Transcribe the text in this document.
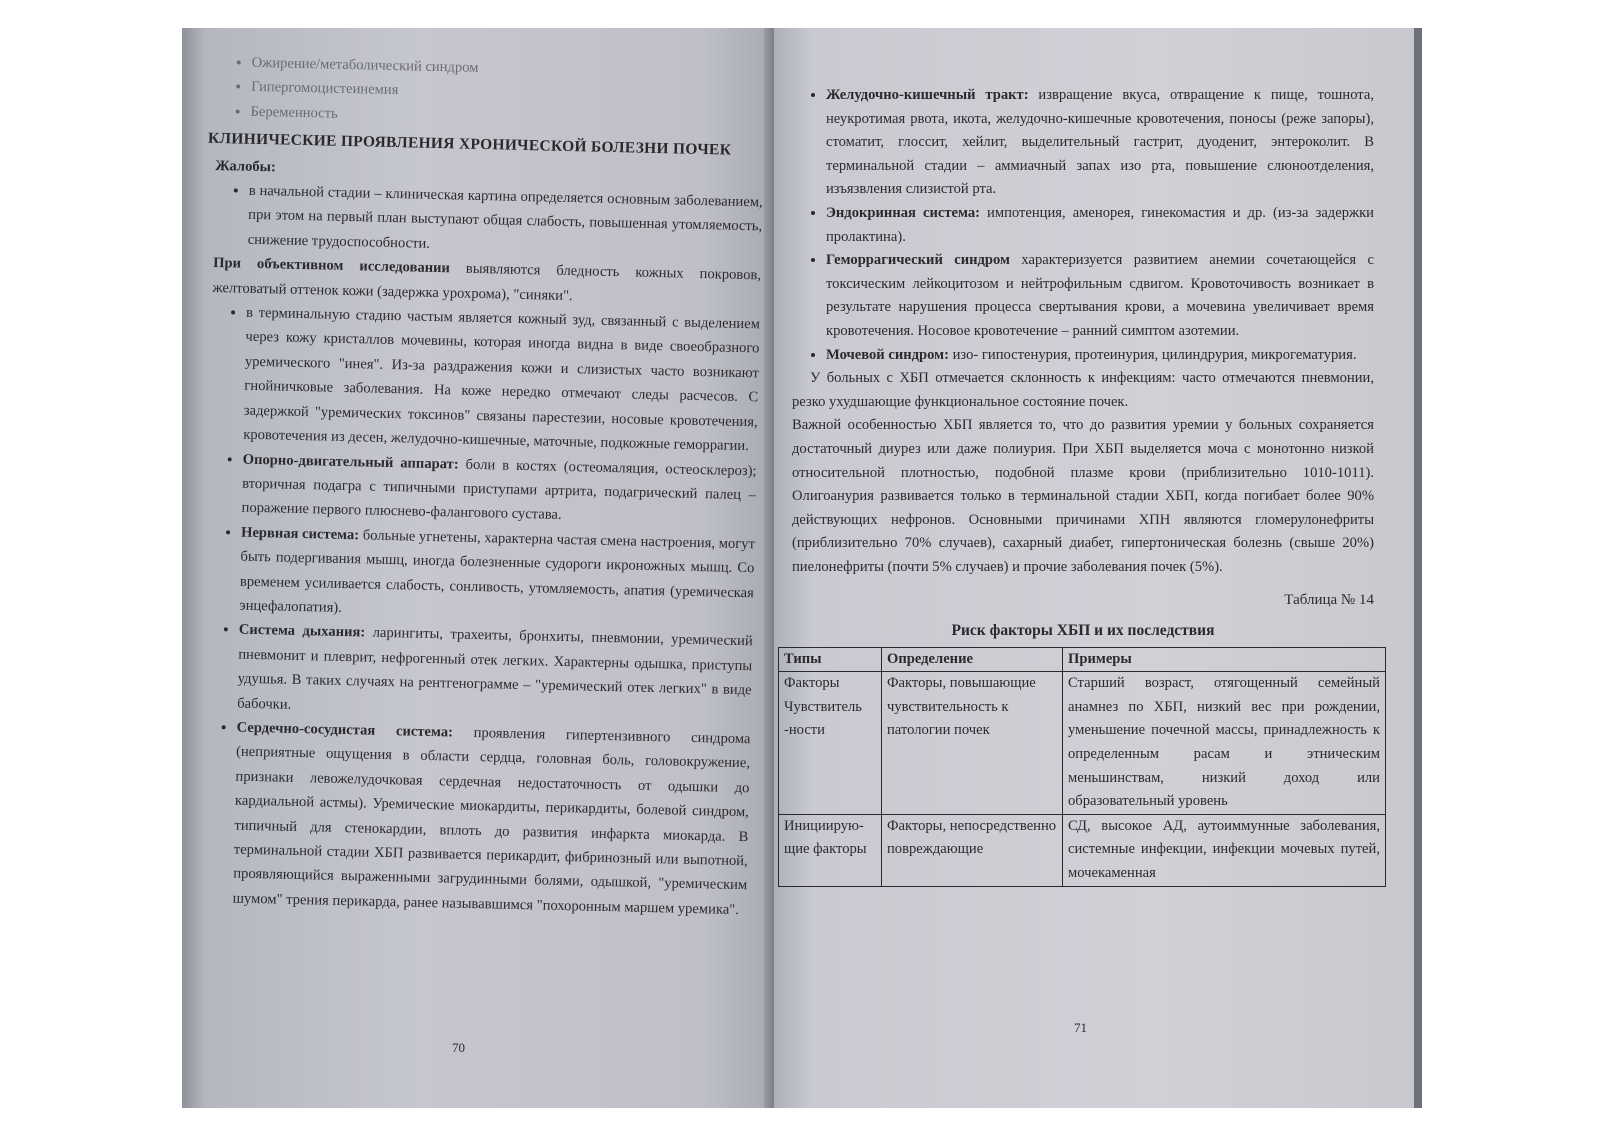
• Ожирение/метаболический синдром
• Гипергомоцистеинемия
• Беременность
КЛИНИЧЕСКИЕ ПРОЯВЛЕНИЯ ХРОНИЧЕСКОЙ БОЛЕЗНИ ПОЧЕК

Жалобы:

• в начальной стадии – клиническая картина определяется основным заболеванием, при этом на первый план выступают общая слабость, повышенная утомляемость, снижение трудоспособности.

При объективном исследовании выявляются бледность кожных покровов, желтоватый оттенок кожи (задержка урохрома), "синяки".

• в терминальную стадию частым является кожный зуд, связанный с выделением через кожу кристаллов мочевины, которая иногда видна в виде своеобразного уремического "инея". Из-за раздражения кожи и слизистых часто возникают гнойничковые заболевания. На коже нередко отмечают следы расчесов. С задержкой "уремических токсинов" связаны парестезии, носовые кровотечения, кровотечения из десен, желудочно-кишечные, маточные, подкожные геморрагии.
• Опорно-двигательный аппарат: боли в костях (остеомаляция, остеосклероз); вторичная подагра с типичными приступами артрита, подагрический палец – поражение первого плюснево-фалангового сустава.
• Нервная система: больные угнетены, характерна частая смена настроения, могут быть подергивания мышц, иногда болезненные судороги икроножных мышц. Со временем усиливается слабость, сонливость, утомляемость, апатия (уремическая энцефалопатия).
• Система дыхания: ларингиты, трахеиты, бронхиты, пневмонии, уремический пневмонит и плеврит, нефрогенный отек легких. Характерны одышка, приступы удушья. В таких случаях на рентгенограмме – "уремический отек легких" в виде бабочки.
• Сердечно-сосудистая система: проявления гипертензивного синдрома (неприятные ощущения в области сердца, головная боль, головокружение, признаки левожелудочковая сердечная недостаточность от одышки до кардиальной астмы). Уремические миокардиты, перикардиты, болевой синдром, типичный для стенокардии, вплоть до развития инфаркта миокарда. В терминальной стадии ХБП развивается перикардит, фибринозный или выпотной, проявляющийся выраженными загрудинными болями, одышкой, "уремическим шумом" трения перикарда, ранее называвшимся "похоронным маршем уремика".
70
• Желудочно-кишечный тракт: извращение вкуса, отвращение к пище, тошнота, неукротимая рвота, икота, желудочно-кишечные кровотечения, поносы (реже запоры), стоматит, глоссит, хейлит, выделительный гастрит, дуоденит, энтероколит. В терминальной стадии – аммиачный запах изо рта, повышение слюноотделения, изъязвления слизистой рта.
• Эндокринная система: импотенция, аменорея, гинекомастия и др. (из-за задержки пролактина).
• Геморрагический синдром характеризуется развитием анемии сочетающейся с токсическим лейкоцитозом и нейтрофильным сдвигом. Кровоточивость возникает в результате нарушения процесса свертывания крови, а мочевина увеличивает время кровотечения. Носовое кровотечение – ранний симптом азотемии.
• Мочевой синдром: изо- гипостенурия, протеинурия, цилиндрурия, микрогематурия.

У больных с ХБП отмечается склонность к инфекциям: часто отмечаются пневмонии, резко ухудшающие функциональное состояние почек.

Важной особенностью ХБП является то, что до развития уремии у больных сохраняется достаточный диурез или даже полиурия. При ХБП выделяется моча с монотонно низкой относительной плотностью, подобной плазме крови (приблизительно 1010-1011). Олигоанурия развивается только в терминальной стадии ХБП, когда погибает более 90% действующих нефронов. Основными причинами ХПН являются гломерулонефриты (приблизительно 70% случаев), сахарный диабет, гипертоническая болезнь (свыше 20%) пиелонефриты (почти 5% случаев) и прочие заболевания почек (5%).

Таблица № 14
Риск факторы ХБП и их последствия
Типы	Определение	Примеры
Факторы Чувствитель -ности	Факторы, повышающие чувствительность к патологии почек	Старший возраст, отягощенный семейный анамнез по ХБП, низкий вес при рождении, уменьшение почечной массы, принадлежность к определенным расам и этническим меньшинствам, низкий доход или образовательный уровень
Инициирую-щие факторы	Факторы, непосредственно повреждающие	СД, высокое АД, аутоиммунные заболевания, системные инфекции, инфекции мочевых путей, мочекаменная
71
